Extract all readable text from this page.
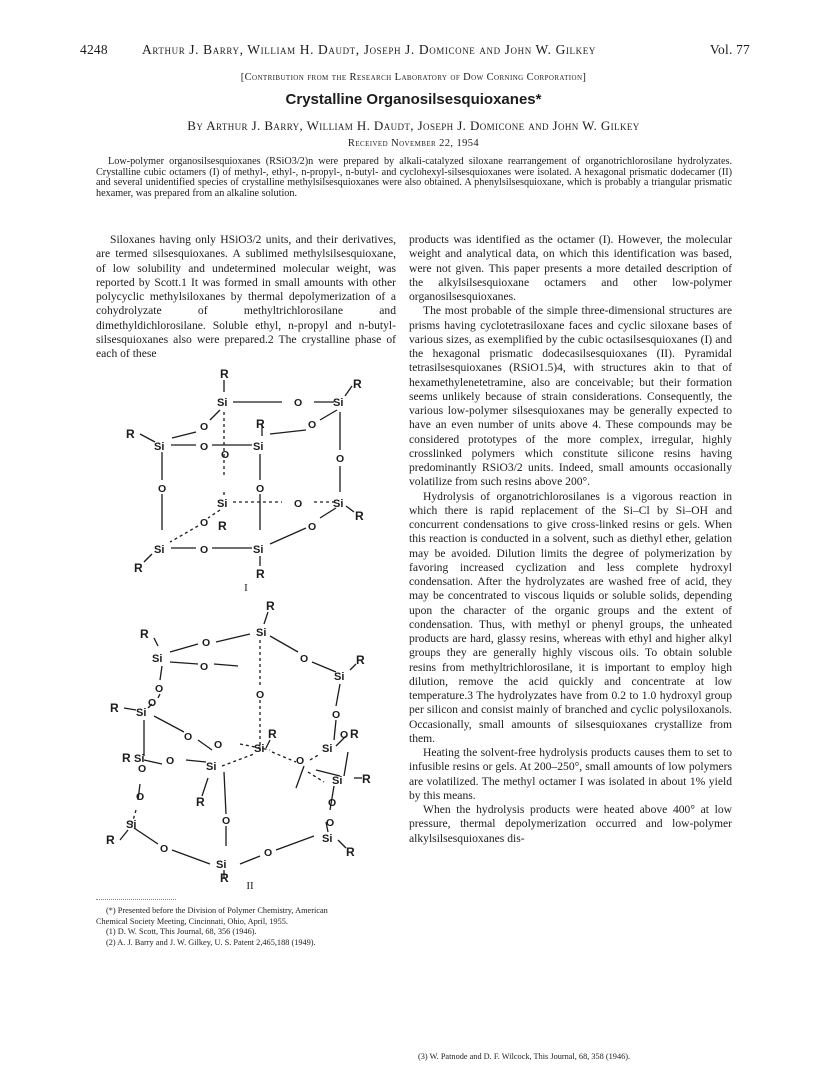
4248	Arthur J. Barry, William H. Daudt, Joseph J. Domicone and John W. Gilkey	Vol. 77
[Contribution from the Research Laboratory of Dow Corning Corporation]
Crystalline Organosilsesquioxanes*
By Arthur J. Barry, William H. Daudt, Joseph J. Domicone and John W. Gilkey
Received November 22, 1954
Low-polymer organosilsesquioxanes (RSiO3/2)n were prepared by alkali-catalyzed siloxane rearrangement of organotrichlorosilane hydrolyzates. Crystalline cubic octamers (I) of methyl-, ethyl-, n-propyl-, n-butyl- and cyclohexyl-silsesquioxanes were isolated. A hexagonal prismatic dodecamer (II) and several unidentified species of crystalline methylsilsesquioxanes were also obtained. A phenylsilsesquioxane, which is probably a triangular prismatic hexamer, was prepared from an alkaline solution.

Siloxanes having only HSiO3/2 units, and their derivatives, are termed silsesquioxanes. A sublimed methylsilsesquioxane, of low solubility and undetermined molecular weight, was reported by Scott.1 It was formed in small amounts with other polycyclic methylsiloxanes by thermal depolymerization of a cohydrolyzate of methyltrichlorosilane and dimethyldichlorosilane. Soluble ethyl, n-propyl and n-butyl-silsesquioxanes also were prepared.2 The crystalline phase of each of these

R
Si	O	Si
R
O	R	O
R
Si	O	Si
O	O
O	O
Si	O	Si
R
O R	O
Si	O	Si
R	R
I
R
Si
R
O
Si	O	R
O
Si
O	O
O
R Si	O
R
O	O R
O	Si	Si
R Si
O
O	O
Si
Si R
O	R	O
O	O
Si
R
O	O
Si
R
Si
R
II
(*) Presented before the Division of Polymer Chemistry, American
Chemical Society Meeting, Cincinnati, Ohio, April, 1955.
(1) D. W. Scott, This Journal, 68, 356 (1946).
(2) A. J. Barry and J. W. Gilkey, U. S. Patent 2,465,188 (1949).

products was identified as the octamer (I). However, the molecular weight and analytical data, on which this identification was based, were not given. This paper presents a more detailed description of the alkylsilsesquioxane octamers and other low-polymer organosilsesquioxanes.

The most probable of the simple three-dimensional structures are prisms having cyclotetrasiloxane faces and cyclic siloxane bases of various sizes, as exemplified by the cubic octasilsesquioxanes (I) and the hexagonal prismatic dodecasilsesquioxanes (II). Pyramidal tetrasilsesquioxanes (RSiO1.5)4, with structures akin to that of hexamethylenetetramine, also are conceivable; but their formation seems unlikely because of strain considerations. Consequently, the various low-polymer silsesquioxanes may be generally expected to have an even number of units above 4. These compounds may be considered prototypes of the more complex, irregular, highly crosslinked polymers which constitute silicone resins having predominantly RSiO3/2 units. Indeed, small amounts occasionally volatilize from such resins above 200°.

Hydrolysis of organotrichlorosilanes is a vigorous reaction in which there is rapid replacement of the Si–Cl by Si–OH and concurrent condensations to give cross-linked resins or gels. When this reaction is conducted in a solvent, such as diethyl ether, gelation may be avoided. Dilution limits the degree of polymerization by favoring increased cyclization and less complete hydroxyl condensation. After the hydrolyzates are washed free of acid, they may be concentrated to viscous liquids or soluble solids, depending upon the character of the organic groups and the extent of condensation. Thus, with methyl or phenyl groups, the unheated products are hard, glassy resins, whereas with ethyl and higher alkyl groups they are generally highly viscous oils. To obtain soluble resins from methyltrichlorosilane, it is important to employ high dilution, remove the acid quickly and concentrate at low temperature.3 The hydrolyzates have from 0.2 to 1.0 hydroxyl group per silicon and consist mainly of branched and cyclic polysiloxanols. Occasionally, small amounts of silsesquioxanes crystallize from them.

Heating the solvent-free hydrolysis products causes them to set to infusible resins or gels. At 200–250°, small amounts of low polymers are volatilized. The methyl octamer I was isolated in about 1% yield by this means.

When the hydrolysis products were heated above 400° at low pressure, thermal depolymerization occurred and low-polymer alkylsilsesquioxanes dis-

(3) W. Patnode and D. F. Wilcock, This Journal, 68, 358 (1946).
